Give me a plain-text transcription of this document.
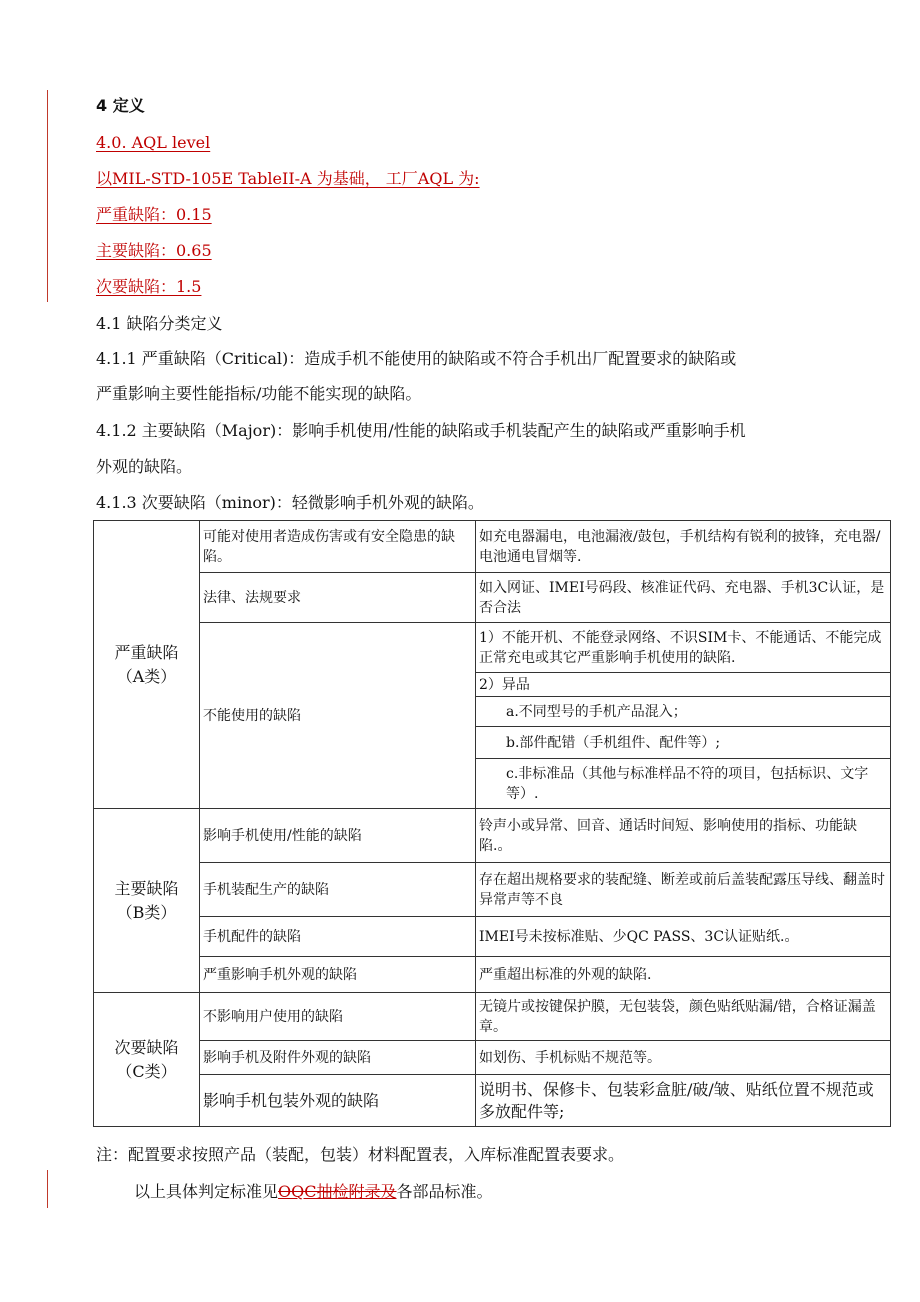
4 定义
4.0. AQL level
以MIL-STD-105E TableII-A 为基础， 工厂AQL 为:
严重缺陷：0.15
主要缺陷：0.65
次要缺陷：1.5
4.1 缺陷分类定义
4.1.1 严重缺陷（Critical)：造成手机不能使用的缺陷或不符合手机出厂配置要求的缺陷或
严重影响主要性能指标/功能不能实现的缺陷。
4.1.2 主要缺陷（Major)：影响手机使用/性能的缺陷或手机装配产生的缺陷或严重影响手机
外观的缺陷。
4.1.3 次要缺陷（minor)：轻微影响手机外观的缺陷。
严重缺陷
（A类）	可能对使用者造成伤害或有安全隐患的缺陷。	如充电器漏电，电池漏液/鼓包，手机结构有锐利的披锋，充电器/电池通电冒烟等.
	法律、法规要求	如入网证、IMEI号码段、核准证代码、充电器、手机3C认证，是否合法
	不能使用的缺陷	1）不能开机、不能登录网络、不识SIM卡、不能通话、不能完成正常充电或其它严重影响手机使用的缺陷.
		2）异品
		a.不同型号的手机产品混入；
		b.部件配错（手机组件、配件等）;
		c.非标准品（其他与标准样品不符的项目，包括标识、文字等）.

主要缺陷
（B类）	影响手机使用/性能的缺陷	铃声小或异常、回音、通话时间短、影响使用的指标、功能缺陷.。
	手机装配生产的缺陷	存在超出规格要求的装配缝、断差或前后盖装配露压导线、翻盖时异常声等不良
	手机配件的缺陷	IMEI号未按标准贴、少QC PASS、3C认证贴纸.。
	严重影响手机外观的缺陷	严重超出标准的外观的缺陷.

次要缺陷
（C类）	不影响用户使用的缺陷	无镜片或按键保护膜，无包装袋，颜色贴纸贴漏/错，合格证漏盖章。
	影响手机及附件外观的缺陷	如划伤、手机标贴不规范等。
	影响手机包装外观的缺陷	说明书、保修卡、包装彩盒脏/破/皱、贴纸位置不规范或多放配件等;
注：配置要求按照产品（装配，包装）材料配置表，入库标准配置表要求。
以上具体判定标准见OQC抽检附录及各部品标准。
